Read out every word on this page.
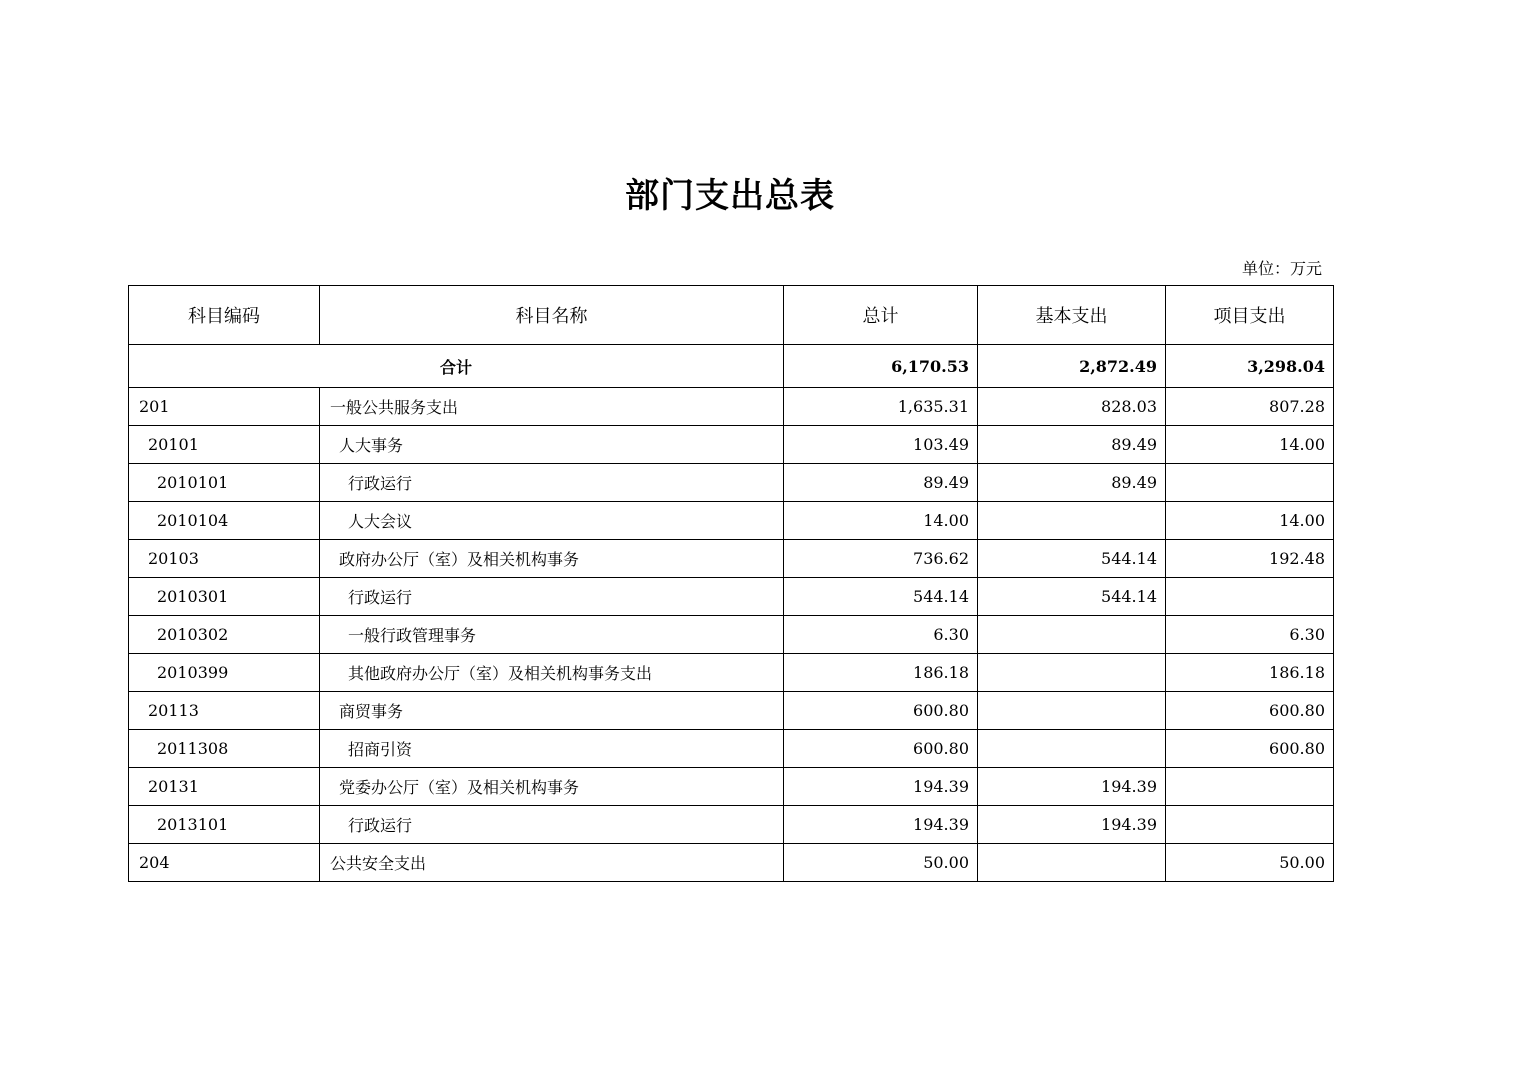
部门支出总表
单位：万元
科目编码	科目名称	总计	基本支出	项目支出
合计		6,170.53	2,872.49	3,298.04
201	一般公共服务支出	1,635.31	828.03	807.28
20101	人大事务	103.49	89.49	14.00
2010101	行政运行	89.49	89.49	
2010104	人大会议	14.00		14.00
20103	政府办公厅（室）及相关机构事务	736.62	544.14	192.48
2010301	行政运行	544.14	544.14	
2010302	一般行政管理事务	6.30		6.30
2010399	其他政府办公厅（室）及相关机构事务支出	186.18		186.18
20113	商贸事务	600.80		600.80
2011308	招商引资	600.80		600.80
20131	党委办公厅（室）及相关机构事务	194.39	194.39	
2013101	行政运行	194.39	194.39	
204	公共安全支出	50.00		50.00
